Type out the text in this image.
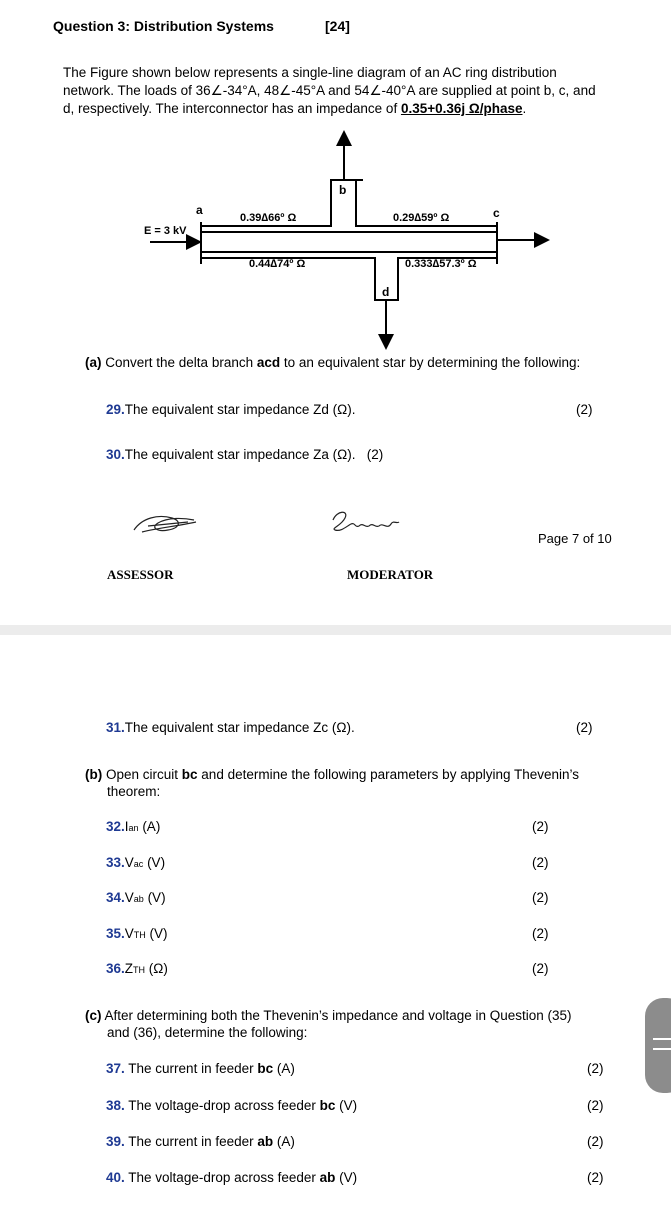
Question 3: Distribution Systems	[24]
The Figure shown below represents a single-line diagram of an AC ring distribution
network. The loads of 36∠-34°A, 48∠-45°A and 54∠-40°A are supplied at point b, c, and
d, respectively. The interconnector has an impedance of 0.35+0.36j Ω/phase.
E = 3 kV
a
b
c
d
0.39∆66º Ω	0.29∆59º Ω
0.44∆74º Ω	0.333∆57.3º Ω
(a) Convert the delta branch acd to an equivalent star by determining the following:
29.The equivalent star impedance Zd (Ω).	(2)
30.The equivalent star impedance Za (Ω). (2)
Page 7 of 10
ASSESSOR	MODERATOR
31.The equivalent star impedance Zc (Ω).	(2)
(b) Open circuit bc and determine the following parameters by applying Thevenin’s
theorem:
32.Ian (A)	(2)
33.Vac (V)	(2)
34.Vab (V)	(2)
35.VTH (V)	(2)
36.ZTH (Ω)	(2)
(c) After determining both the Thevenin’s impedance and voltage in Question (35)
and (36), determine the following:
37. The current in feeder bc (A)	(2)
38. The voltage-drop across feeder bc (V)	(2)
39. The current in feeder ab (A)	(2)
40. The voltage-drop across feeder ab (V)	(2)
